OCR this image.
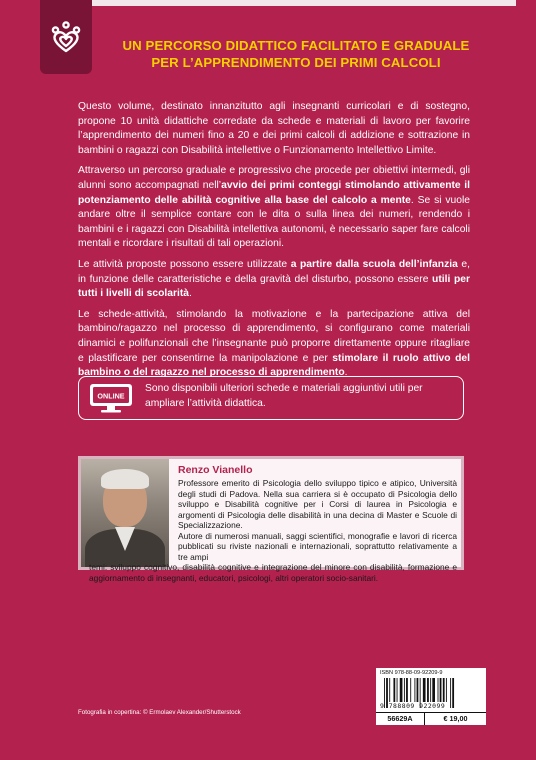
UN PERCORSO DIDATTICO FACILITATO E GRADUALE
PER L’APPRENDIMENTO DEI PRIMI CALCOLI

Questo volume, destinato innanzitutto agli insegnanti curricolari e di sostegno, propone 10 unità didattiche corredate da schede e materiali di lavoro per favorire l’apprendimento dei numeri fino a 20 e dei primi calcoli di addizione e sottrazione in bambini o ragazzi con Disabilità intellettive o Funzionamento Intellettivo Limite.

Attraverso un percorso graduale e progressivo che procede per obiettivi intermedi, gli alunni sono accompagnati nell’avvio dei primi conteggi stimolando attivamente il potenziamento delle abilità cognitive alla base del calcolo a mente. Se si vuole andare oltre il semplice contare con le dita o sulla linea dei numeri, rendendo i bambini e i ragazzi con Disabilità intellettiva autonomi, è necessario saper fare calcoli mentali e ricordare i risultati di tali operazioni.

Le attività proposte possono essere utilizzate a partire dalla scuola dell’infanzia e, in funzione delle caratteristiche e della gravità del disturbo, possono essere utili per tutti i livelli di scolarità.

Le schede-attività, stimolando la motivazione e la partecipazione attiva del bambino/ragazzo nel processo di apprendimento, si configurano come materiali dinamici e polifunzionali che l’insegnante può proporre direttamente oppure ritagliare e plastificare per consentirne la manipolazione e per stimolare il ruolo attivo del bambino o del ragazzo nel processo di apprendimento.

ONLINE
Sono disponibili ulteriori schede e materiali aggiuntivi utili per ampliare l’attività didattica.
Renzo Vianello

Professore emerito di Psicologia dello sviluppo tipico e atipico, Università degli studi di Padova. Nella sua carriera si è occupato di Psicologia dello sviluppo e Disabilità cognitive per i Corsi di laurea in Psicologia e argomenti di Psicologia delle disabilità in una decina di Master e Scuole di Specializzazione.

Autore di numerosi manuali, saggi scientifici, monografie e lavori di ricerca pubblicati su riviste nazionali e internazionali, soprattutto relativamente a tre ampi

temi: sviluppo cognitivo, disabilità cognitive e integrazione del minore con disabilità, formazione e aggiornamento di insegnanti, educatori, psicologi, altri operatori socio-sanitari.

ISBN 978-88-09-92209-9
9 788809 922099
56629A	€ 19,00
Fotografia in copertina: © Ermolaev Alexander/Shutterstock
